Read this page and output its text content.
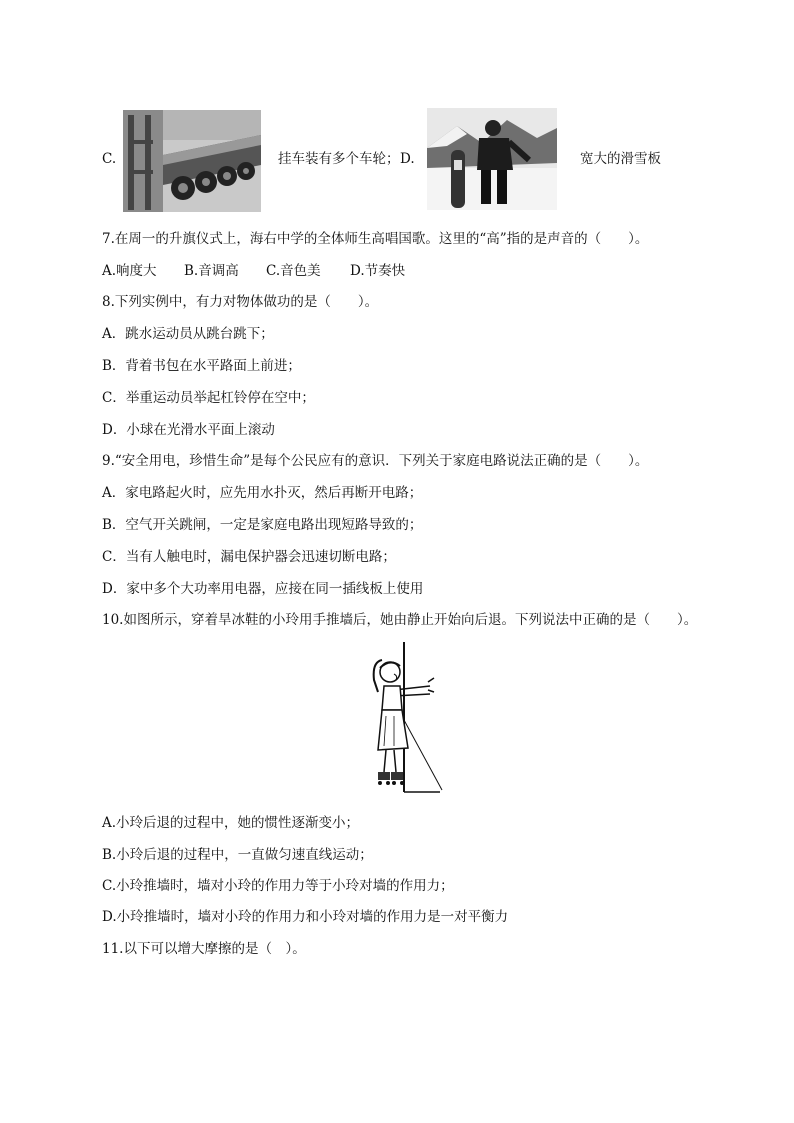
C.	挂车装有多个车轮； D.	宽大的滑雪板
7.在周一的升旗仪式上，海右中学的全体师生高唱国歌。这里的“高”指的是声音的（　　）。
A.响度大 B.音调高 C.音色美 D.节奏快
8.下列实例中，有力对物体做功的是（　　）。
A．跳水运动员从跳台跳下；
B．背着书包在水平路面上前进；
C．举重运动员举起杠铃停在空中；
D．小球在光滑水平面上滚动
9.“安全用电，珍惜生命”是每个公民应有的意识．下列关于家庭电路说法正确的是（　　）。
A．家电路起火时，应先用水扑灭，然后再断开电路；
B．空气开关跳闸，一定是家庭电路出现短路导致的；
C．当有人触电时，漏电保护器会迅速切断电路；
D．家中多个大功率用电器，应接在同一插线板上使用
10.如图所示，穿着旱冰鞋的小玲用手推墙后，她由静止开始向后退。下列说法中正确的是（　　）。
A.小玲后退的过程中，她的惯性逐渐变小；
B.小玲后退的过程中，一直做匀速直线运动；
C.小玲推墙时，墙对小玲的作用力等于小玲对墙的作用力；
D.小玲推墙时，墙对小玲的作用力和小玲对墙的作用力是一对平衡力
11.以下可以增大摩擦的是（　）。
